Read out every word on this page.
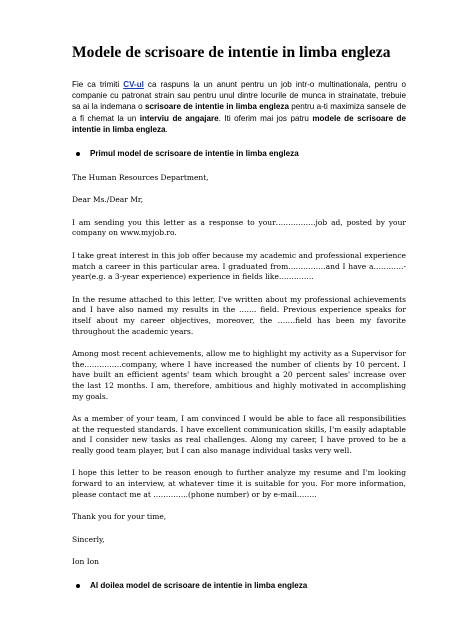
Modele de scrisoare de intentie in limba engleza

Fie ca trimiti CV-ul ca raspuns la un anunt pentru un job intr-o multinationala, pentru o companie cu patronat strain sau pentru unul dintre locurile de munca in strainatate, trebuie sa ai la indemana o scrisoare de intentie in limba engleza pentru a-ti maximiza sansele de a fi chemat la un interviu de angajare. Iti oferim mai jos patru modele de scrisoare de intentie in limba engleza.

Primul model de scrisoare de intentie in limba engleza

The Human Resources Department,

Dear Ms./Dear Mr,

I am sending you this letter as a response to your…………….job ad, posted by your company on www.myjob.ro.

I take great interest in this job offer because my academic and professional experience match a career in this particular area. I graduated from……………and I have a…………-year(e.g. a 3-year experience) experience in fields like…………..

In the resume attached to this letter, I've written about my professional achievements and I have also named my results in the ……. field. Previous experience speaks for itself about my career objectives, moreover, the …….field has been my favorite throughout the academic years.

Among most recent achievements, allow me to highlight my activity as a Supervisor for the……………company, where I have increased the number of clients by 10 percent. I have built an efficient agents' team which brought a 20 percent sales' increase over the last 12 months. I am, therefore, ambitious and highly motivated in accomplishing my goals.

As a member of your team, I am convinced I would be able to face all responsibilities at the requested standards. I have excellent communication skills, I'm easily adaptable and I consider new tasks as real challenges. Along my career, I have proved to be a really good team player, but I can also manage individual tasks very well.

I hope this letter to be reason enough to further analyze my resume and I'm looking forward to an interview, at whatever time it is suitable for you. For more information, please contact me at …………..(phone number) or by e-mail……..

Thank you for your time,

Sincerly,

Ion Ion

Al doilea model de scrisoare de intentie in limba engleza
